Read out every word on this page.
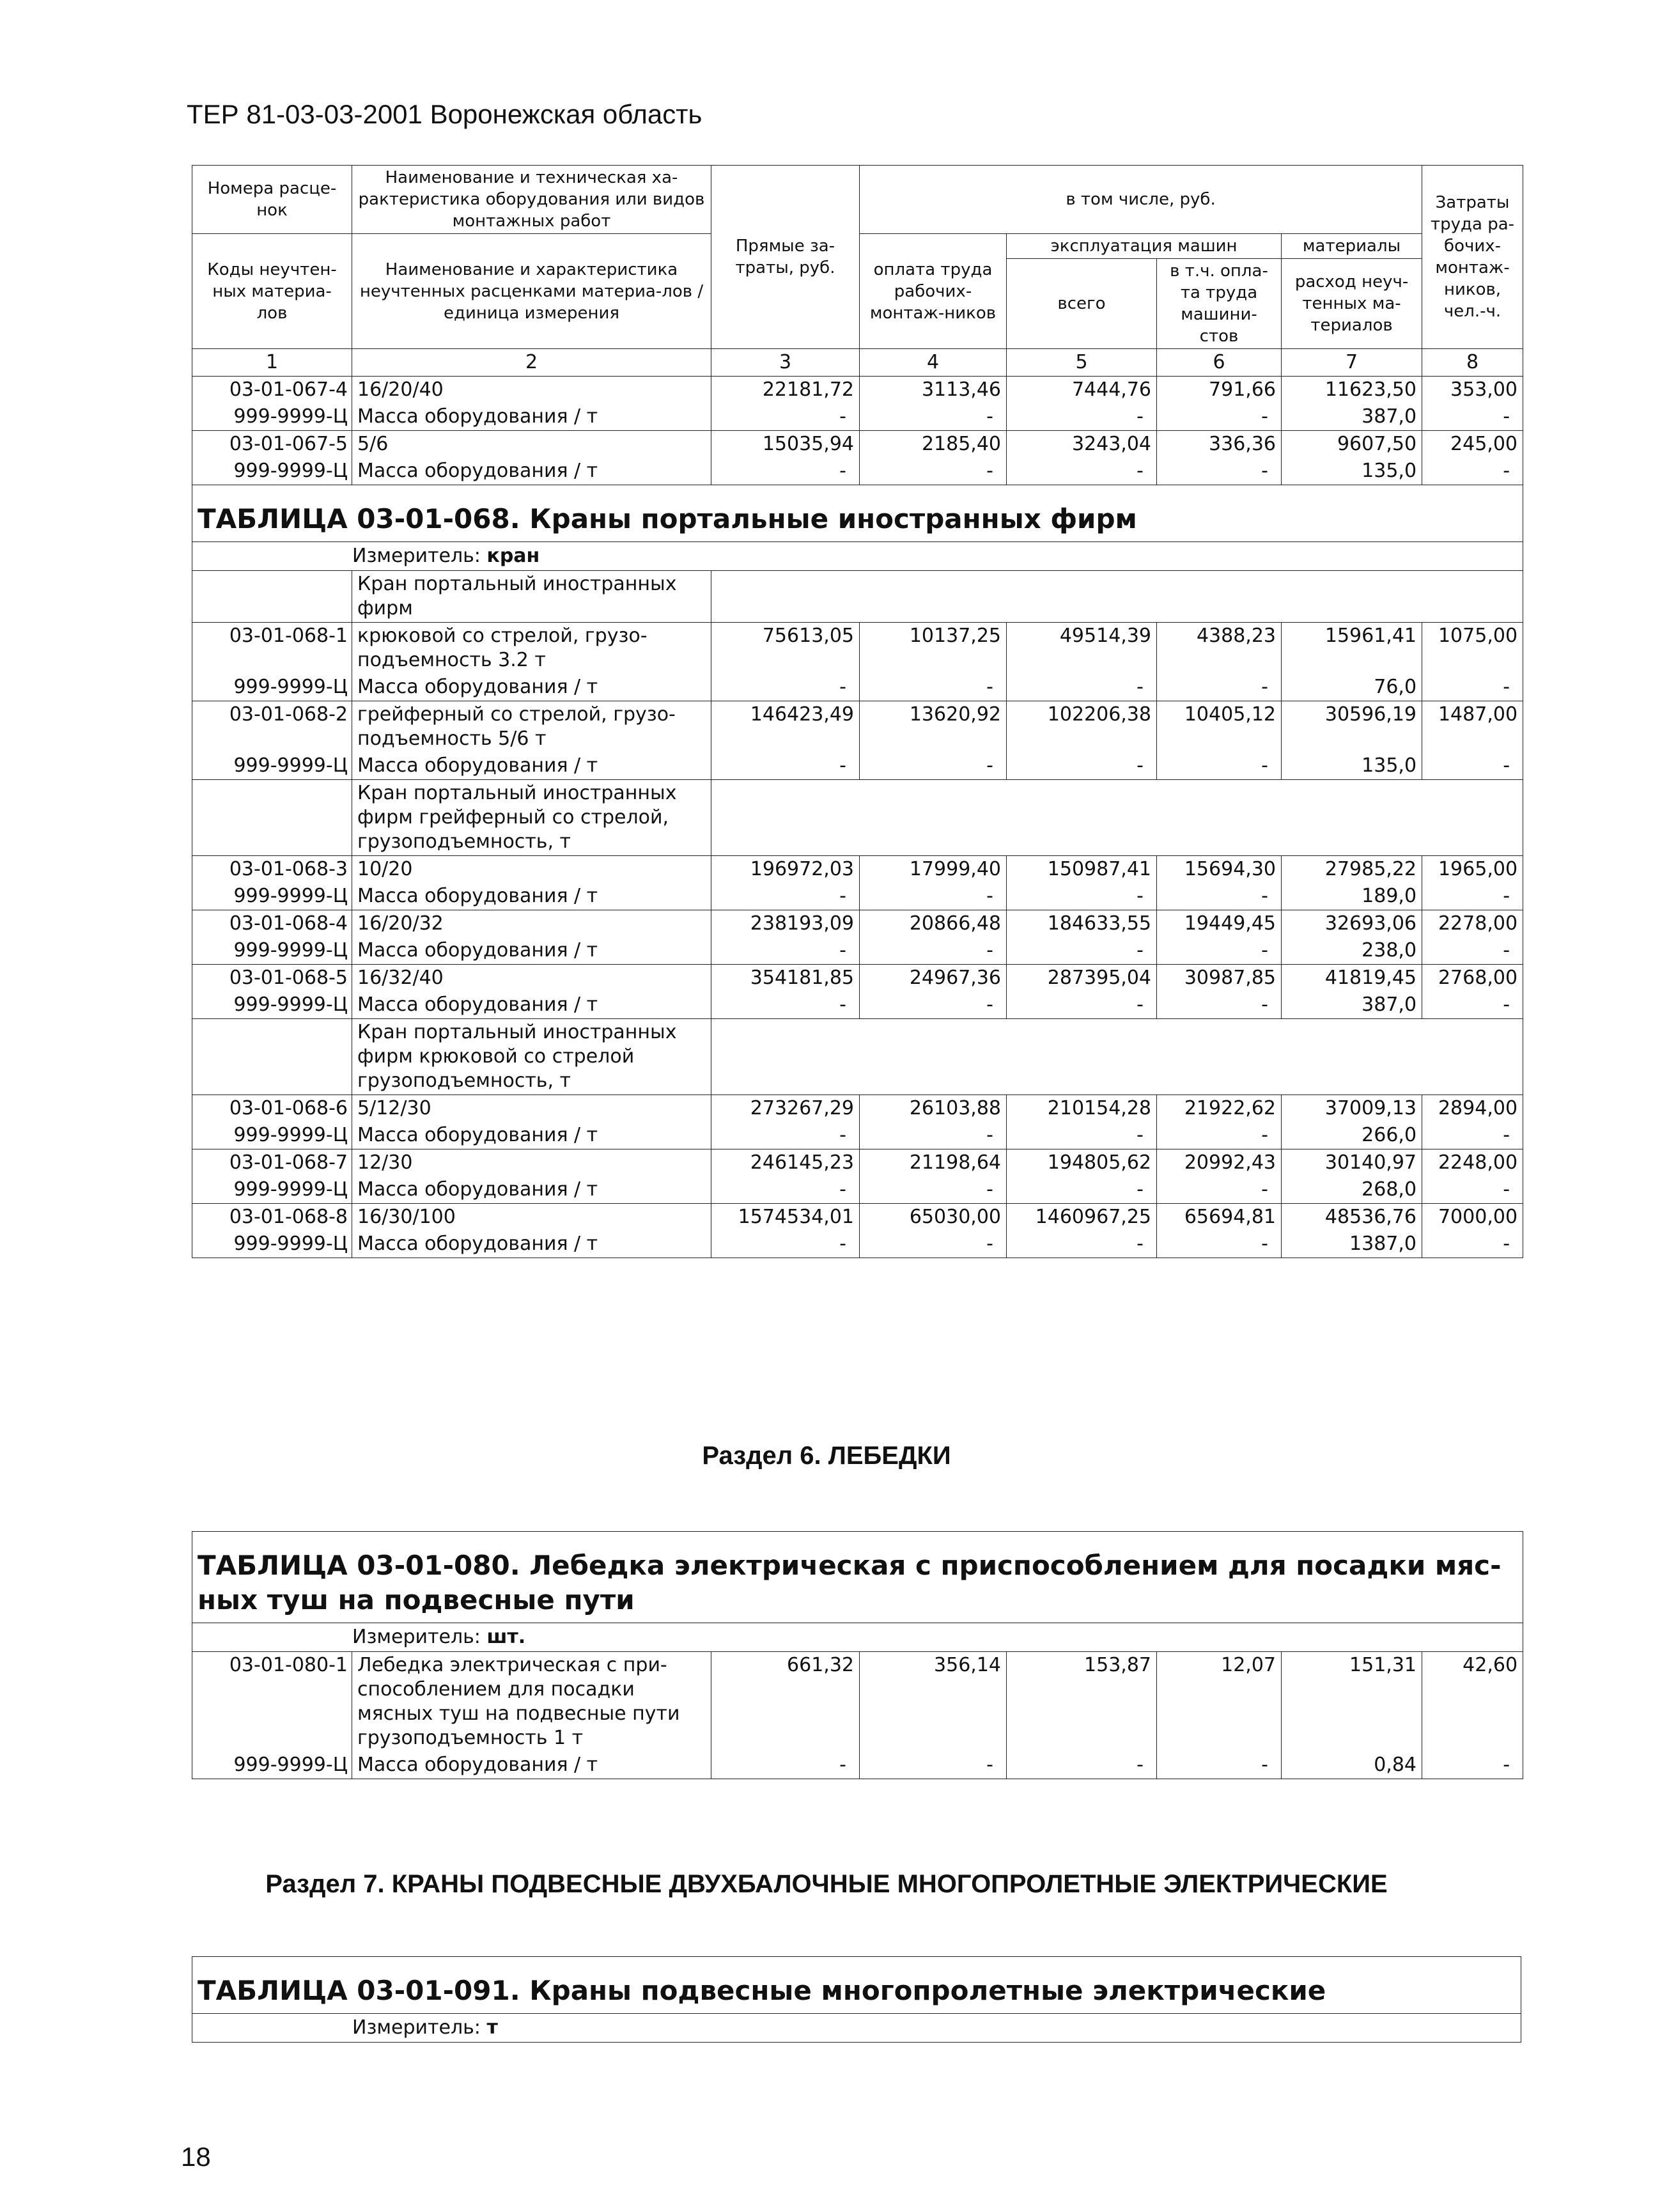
ТЕР 81-03-03-2001 Воронежская область
Номера расце-нок	Наименование и техническая ха-рактеристика оборудования или видов монтажных работ	Прямые за-траты, руб.	в том числе, руб.				Затраты труда ра-бочих-монтаж-ников, чел.-ч.
Коды неучтен-ных материа-лов	Наименование и характеристика неучтенных расценками материа-лов / единица измерения		оплата труда рабочих-монтаж-ников	эксплуатация машин		материалы	
				всего	в т.ч. опла-та труда машини-стов	расход неуч-тенных ма-териалов	

1	2	3	4	5	6	7	8
03-01-067-4	16/20/40	22181,72	3113,46	7444,76	791,66	11623,50	353,00
999-9999-Ц	Масса оборудования / т	-	-	-	-	387,0	-
03-01-067-5	5/6	15035,94	2185,40	3243,04	336,36	9607,50	245,00
999-9999-Ц	Масса оборудования / т	-	-	-	-	135,0	-
ТАБЛИЦА 03-01-068. Краны портальные иностранных фирм							
Измеритель: кран							
	Кран портальный иностранных фирм						
03-01-068-1	крюковой со стрелой, грузо-подъемность 3.2 т	75613,05	10137,25	49514,39	4388,23	15961,41	1075,00
999-9999-Ц	Масса оборудования / т	-	-	-	-	76,0	-
03-01-068-2	грейферный со стрелой, грузо-подъемность 5/6 т	146423,49	13620,92	102206,38	10405,12	30596,19	1487,00
999-9999-Ц	Масса оборудования / т	-	-	-	-	135,0	-
	Кран портальный иностранных фирм грейферный со стрелой, грузоподъемность, т						
03-01-068-3	10/20	196972,03	17999,40	150987,41	15694,30	27985,22	1965,00
999-9999-Ц	Масса оборудования / т	-	-	-	-	189,0	-
03-01-068-4	16/20/32	238193,09	20866,48	184633,55	19449,45	32693,06	2278,00
999-9999-Ц	Масса оборудования / т	-	-	-	-	238,0	-
03-01-068-5	16/32/40	354181,85	24967,36	287395,04	30987,85	41819,45	2768,00
999-9999-Ц	Масса оборудования / т	-	-	-	-	387,0	-
	Кран портальный иностранных фирм крюковой со стрелой грузоподъемность, т						
03-01-068-6	5/12/30	273267,29	26103,88	210154,28	21922,62	37009,13	2894,00
999-9999-Ц	Масса оборудования / т	-	-	-	-	266,0	-
03-01-068-7	12/30	246145,23	21198,64	194805,62	20992,43	30140,97	2248,00
999-9999-Ц	Масса оборудования / т	-	-	-	-	268,0	-
03-01-068-8	16/30/100	1574534,01	65030,00	1460967,25	65694,81	48536,76	7000,00
999-9999-Ц	Масса оборудования / т	-	-	-	-	1387,0	-
Раздел 6. ЛЕБЕДКИ
ТАБЛИЦА 03-01-080. Лебедка электрическая с приспособлением для посадки мяс-ных туш на подвесные пути							
Измеритель: шт.							
03-01-080-1	Лебедка электрическая с при-способлением для посадки мясных туш на подвесные пути грузоподъемность 1 т	661,32	356,14	153,87	12,07	151,31	42,60
999-9999-Ц	Масса оборудования / т	-	-	-	-	0,84	-
Раздел 7. КРАНЫ ПОДВЕСНЫЕ ДВУХБАЛОЧНЫЕ МНОГОПРОЛЕТНЫЕ ЭЛЕКТРИЧЕСКИЕ
ТАБЛИЦА 03-01-091. Краны подвесные многопролетные электрические
Измеритель: т
18
